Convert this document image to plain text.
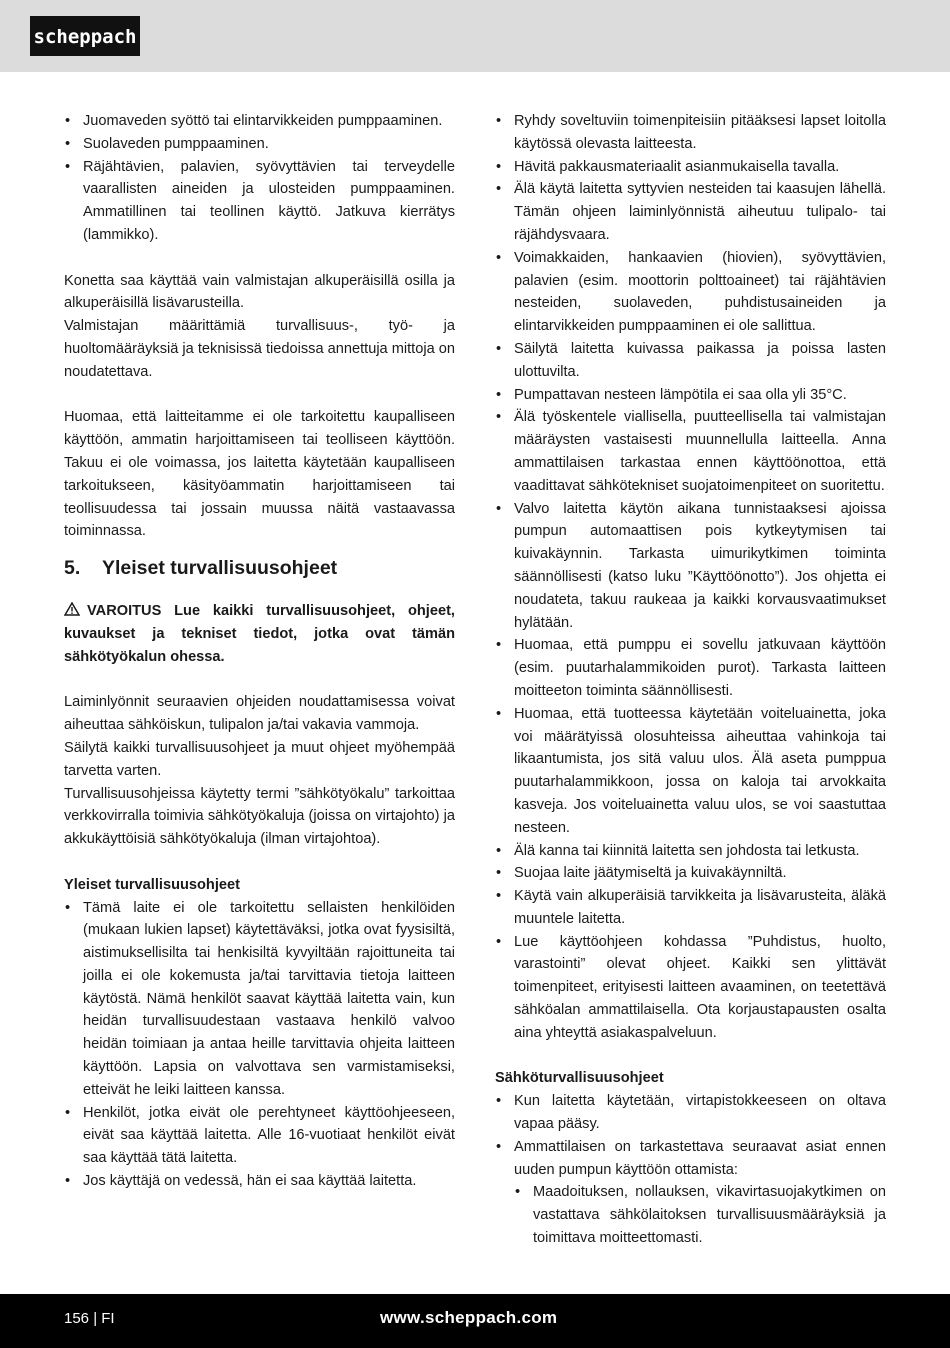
scheppach
• Juomaveden syöttö tai elintarvikkeiden pumppaaminen.
• Suolaveden pumppaaminen.
• Räjähtävien, palavien, syövyttävien tai terveydelle vaarallisten aineiden ja ulosteiden pumppaaminen. Ammatillinen tai teollinen käyttö. Jatkuva kierrätys (lammikko).

Konetta saa käyttää vain valmistajan alkuperäisillä osilla ja alkuperäisillä lisävarusteilla.

Valmistajan määrittämiä turvallisuus-, työ- ja huoltomääräyksiä ja teknisissä tiedoissa annettuja mittoja on noudatettava.

Huomaa, että laitteitamme ei ole tarkoitettu kaupalliseen käyttöön, ammatin harjoittamiseen tai teolliseen käyttöön. Takuu ei ole voimassa, jos laitetta käytetään kaupalliseen tarkoitukseen, käsityöammatin harjoittamiseen tai teollisuudessa tai jossain muussa näitä vastaavassa toiminnassa.

5. Yleiset turvallisuusohjeet

VAROITUS Lue kaikki turvallisuusohjeet, ohjeet, kuvaukset ja tekniset tiedot, jotka ovat tämän sähkötyökalun ohessa.

Laiminlyönnit seuraavien ohjeiden noudattamisessa voivat aiheuttaa sähköiskun, tulipalon ja/tai vakavia vammoja.

Säilytä kaikki turvallisuusohjeet ja muut ohjeet myöhempää tarvetta varten.

Turvallisuusohjeissa käytetty termi ”sähkötyökalu” tarkoittaa verkkovirralla toimivia sähkötyökaluja (joissa on virtajohto) ja akkukäyttöisiä sähkötyökaluja (ilman virtajohtoa).

Yleiset turvallisuusohjeet

• Tämä laite ei ole tarkoitettu sellaisten henkilöiden (mukaan lukien lapset) käytettäväksi, jotka ovat fyysisiltä, aistimuksellisilta tai henkisiltä kyvyiltään rajoittuneita tai joilla ei ole kokemusta ja/tai tarvittavia tietoja laitteen käytöstä. Nämä henkilöt saavat käyttää laitetta vain, kun heidän turvallisuudestaan vastaava henkilö valvoo heidän toimiaan ja antaa heille tarvittavia ohjeita laitteen käyttöön. Lapsia on valvottava sen varmistamiseksi, etteivät he leiki laitteen kanssa.
• Henkilöt, jotka eivät ole perehtyneet käyttöohjeeseen, eivät saa käyttää laitetta. Alle 16-vuotiaat henkilöt eivät saa käyttää tätä laitetta.
• Jos käyttäjä on vedessä, hän ei saa käyttää laitetta.
• Ryhdy soveltuviin toimenpiteisiin pitääksesi lapset loitolla käytössä olevasta laitteesta.
• Hävitä pakkausmateriaalit asianmukaisella tavalla.
• Älä käytä laitetta syttyvien nesteiden tai kaasujen lähellä. Tämän ohjeen laiminlyönnistä aiheutuu tulipalo- tai räjähdysvaara.
• Voimakkaiden, hankaavien (hiovien), syövyttävien, palavien (esim. moottorin polttoaineet) tai räjähtävien nesteiden, suolaveden, puhdistusaineiden ja elintarvikkeiden pumppaaminen ei ole sallittua.
• Säilytä laitetta kuivassa paikassa ja poissa lasten ulottuvilta.
• Pumpattavan nesteen lämpötila ei saa olla yli 35°C.
• Älä työskentele viallisella, puutteellisella tai valmistajan määräysten vastaisesti muunnellulla laitteella. Anna ammattilaisen tarkastaa ennen käyttöönottoa, että vaadittavat sähkötekniset suojatoimenpiteet on suoritettu.
• Valvo laitetta käytön aikana tunnistaaksesi ajoissa pumpun automaattisen pois kytkeytymisen tai kuivakäynnin. Tarkasta uimurikytkimen toiminta säännöllisesti (katso luku ”Käyttöönotto”). Jos ohjetta ei noudateta, takuu raukeaa ja kaikki korvausvaatimukset hylätään.
• Huomaa, että pumppu ei sovellu jatkuvaan käyttöön (esim. puutarhalammikoiden purot). Tarkasta laitteen moitteeton toiminta säännöllisesti.
• Huomaa, että tuotteessa käytetään voiteluainetta, joka voi määrätyissä olosuhteissa aiheuttaa vahinkoja tai likaantumista, jos sitä valuu ulos. Älä aseta pumppua puutarhalammikkoon, jossa on kaloja tai arvokkaita kasveja. Jos voiteluainetta valuu ulos, se voi saastuttaa nesteen.
• Älä kanna tai kiinnitä laitetta sen johdosta tai letkusta.
• Suojaa laite jäätymiseltä ja kuivakäynniltä.
• Käytä vain alkuperäisiä tarvikkeita ja lisävarusteita, äläkä muuntele laitetta.
• Lue käyttöohjeen kohdassa ”Puhdistus, huolto, varastointi” olevat ohjeet. Kaikki sen ylittävät toimenpiteet, erityisesti laitteen avaaminen, on teetettävä sähköalan ammattilaisella. Ota korjaustapausten osalta aina yhteyttä asiakaspalveluun.

Sähköturvallisuusohjeet

• Kun laitetta käytetään, virtapistokkeeseen on oltava vapaa pääsy.
• Ammattilaisen on tarkastettava seuraavat asiat ennen uuden pumpun käyttöön ottamista:
• Maadoituksen, nollauksen, vikavirtasuojakytkimen on vastattava sähkölaitoksen turvallisuusmääräyksiä ja toimittava moitteettomasti.
156 | FI	www.scheppach.com
